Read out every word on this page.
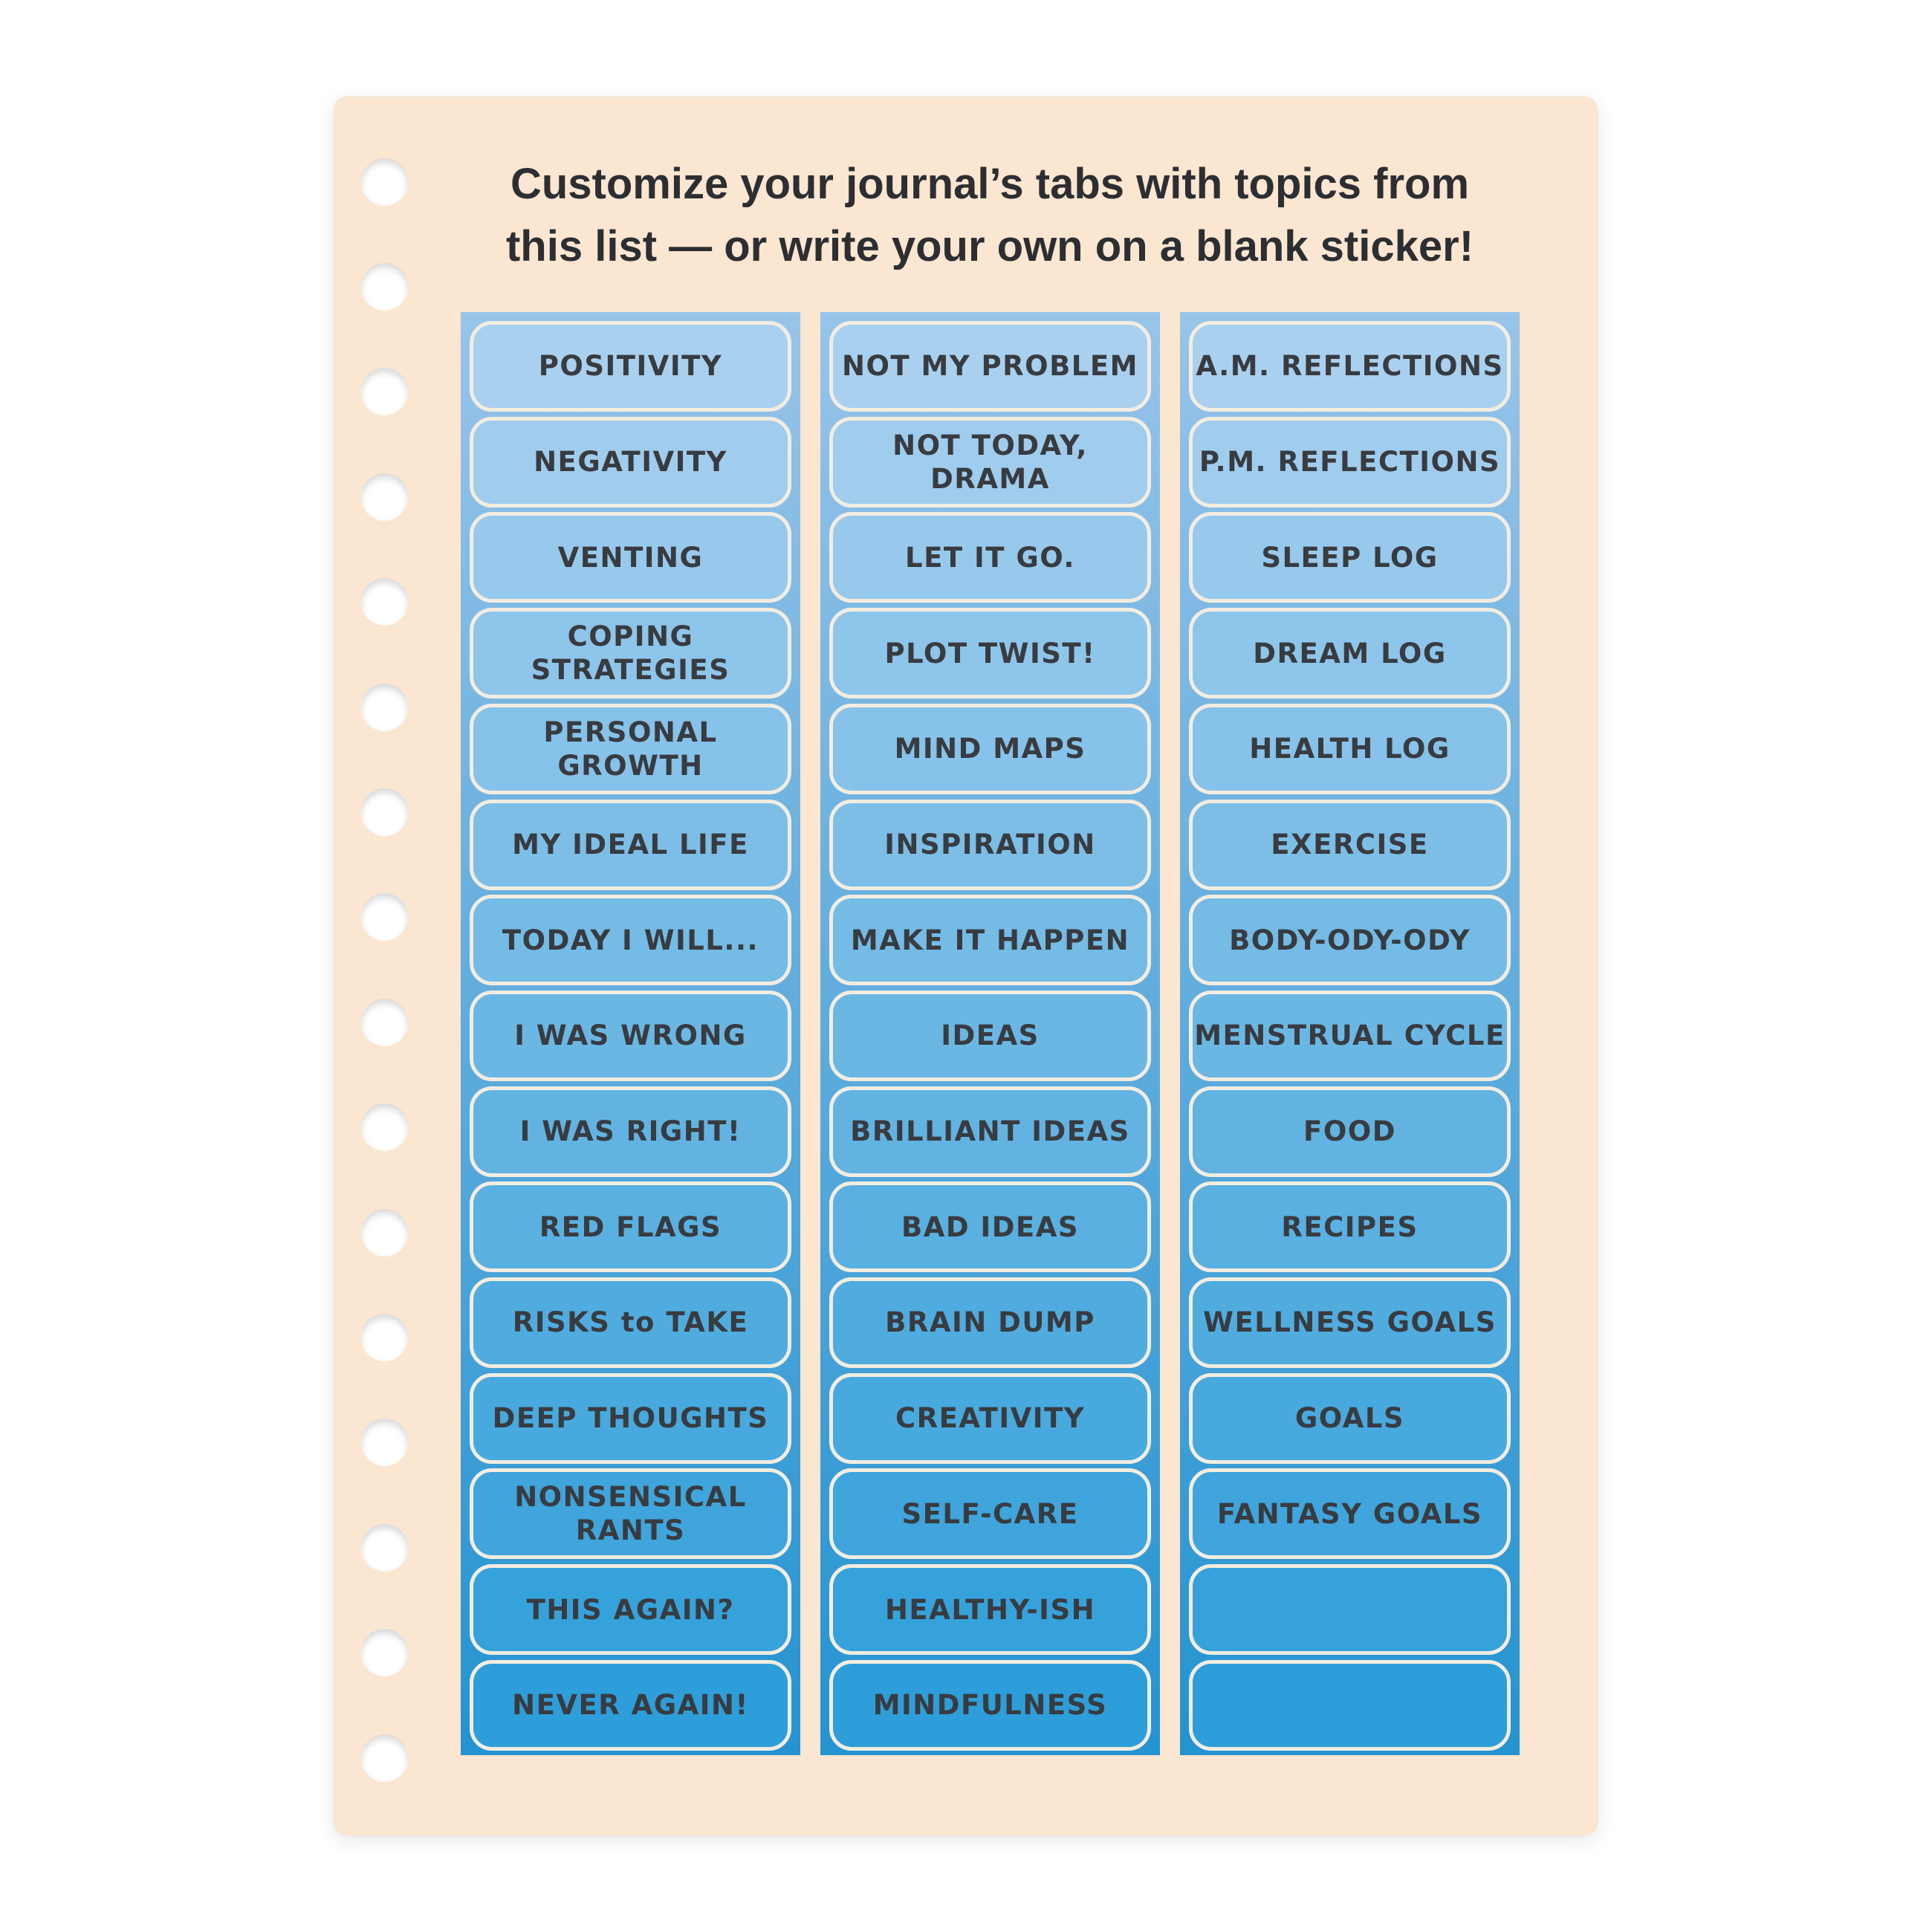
Customize your journal’s tabs with topics from
this list — or write your own on a blank sticker!
POSITIVITY
NEGATIVITY
VENTING
COPING
STRATEGIES
PERSONAL
GROWTH
MY IDEAL LIFE
TODAY I WILL...
I WAS WRONG
I WAS RIGHT!
RED FLAGS
RISKS to TAKE
DEEP THOUGHTS
NONSENSICAL
RANTS
THIS AGAIN?
NEVER AGAIN!
NOT MY PROBLEM
NOT TODAY,
DRAMA
LET IT GO.
PLOT TWIST!
MIND MAPS
INSPIRATION
MAKE IT HAPPEN
IDEAS
BRILLIANT IDEAS
BAD IDEAS
BRAIN DUMP
CREATIVITY
SELF-CARE
HEALTHY-ISH
MINDFULNESS
A.M. REFLECTIONS
P.M. REFLECTIONS
SLEEP LOG
DREAM LOG
HEALTH LOG
EXERCISE
BODY-ODY-ODY
MENSTRUAL CYCLE
FOOD
RECIPES
WELLNESS GOALS
GOALS
FANTASY GOALS
